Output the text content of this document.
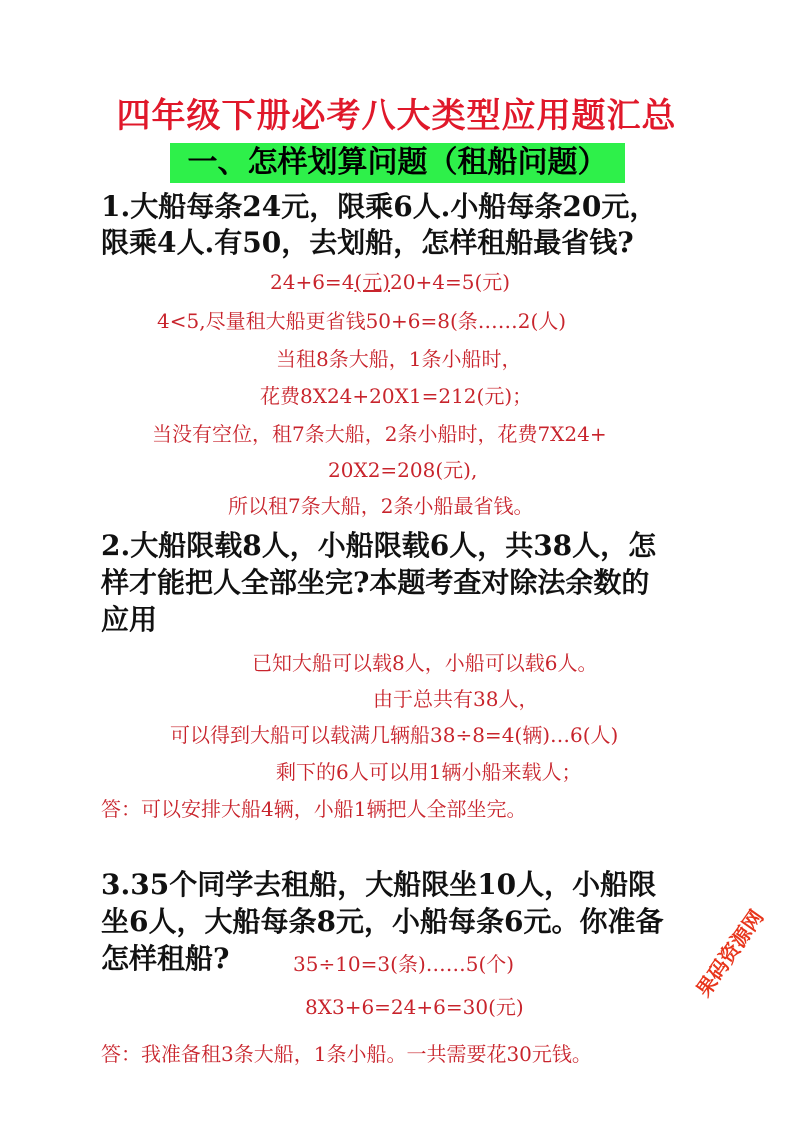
四年级下册必考八大类型应用题汇总
一、怎样划算问题（租船问题）
1.大船每条24元，限乘6人.小船每条20元，
限乘4人.有50，去划船，怎样租船最省钱?
24+6=4(元)20+4=5(元)
4<5,尽量租大船更省钱50+6=8(条……2(人)
当租8条大船，1条小船时，
花费8X24+20X1=212(元)；
当没有空位，租7条大船，2条小船时，花费7X24+
20X2=208(元),
所以租7条大船，2条小船最省钱。
2.大船限载8人，小船限载6人，共38人，怎
样才能把人全部坐完?本题考查对除法余数的
应用
已知大船可以载8人，小船可以载6人。
由于总共有38人，
可以得到大船可以载满几辆船38÷8=4(辆)…6(人)
剩下的6人可以用1辆小船来载人；
答：可以安排大船4辆，小船1辆把人全部坐完。
3.35个同学去租船，大船限坐10人，小船限
坐6人，大船每条8元，小船每条6元。你准备
怎样租船?	35÷10=3(条)……5(个)
8X3+6=24+6=30(元)
答：我准备租3条大船，1条小船。一共需要花30元钱。
果码资源网
